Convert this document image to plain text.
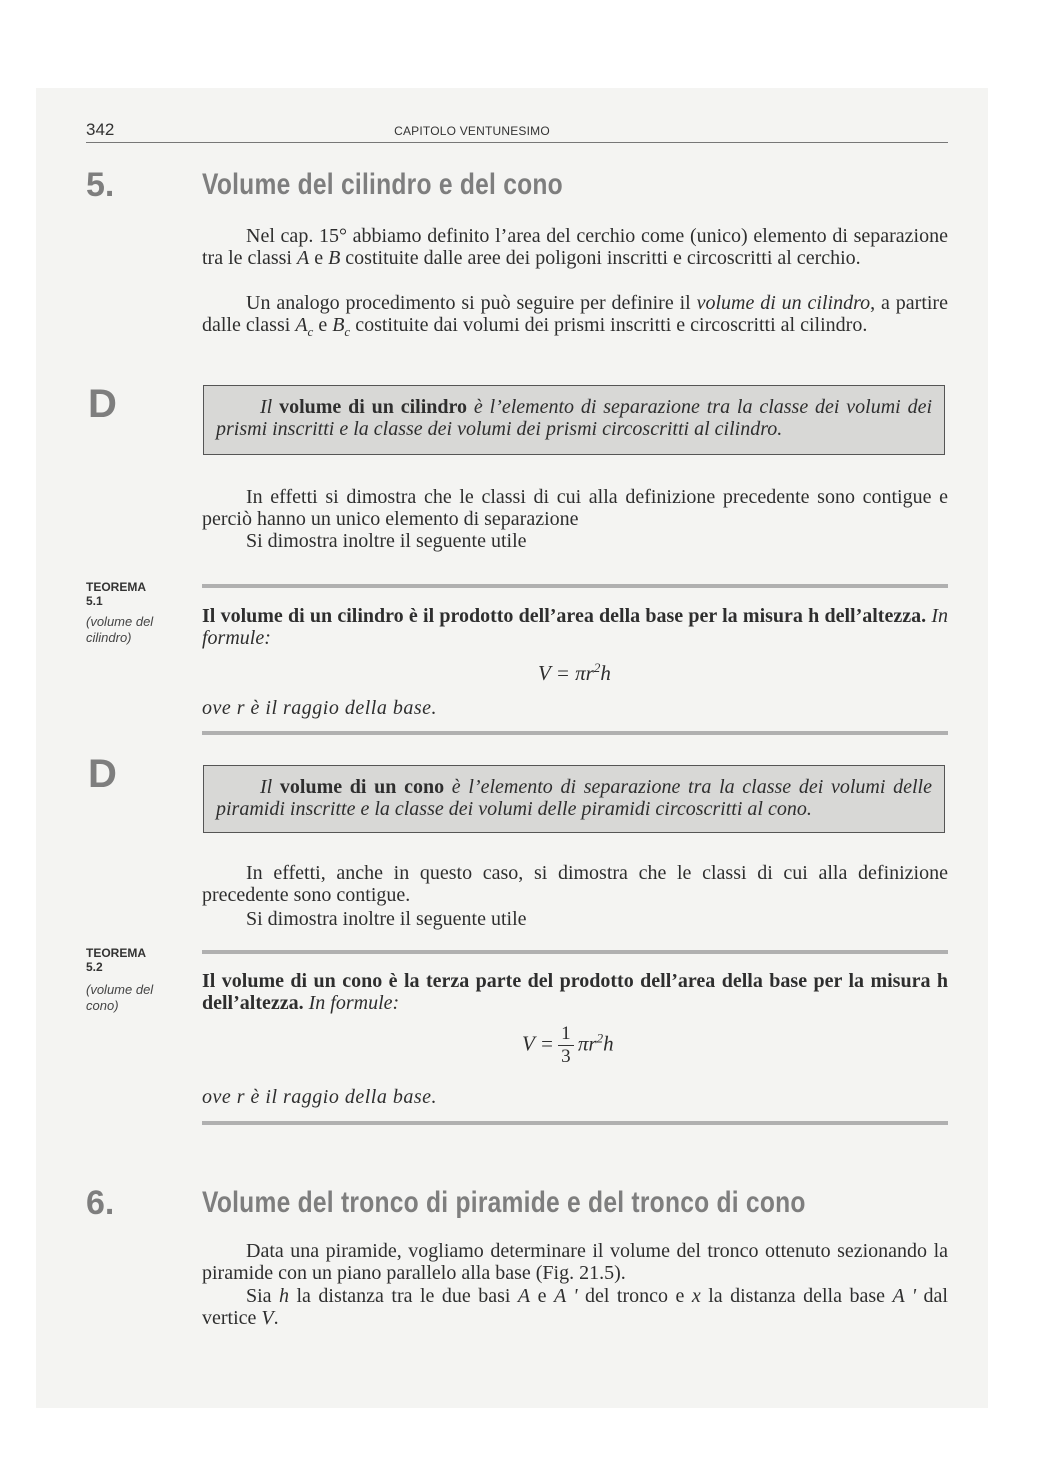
342	CAPITOLO VENTUNESIMO
5.	Volume del cilindro e del cono

Nel cap. 15° abbiamo definito l’area del cerchio come (unico) elemento di separazione tra le classi A e B costituite dalle aree dei poligoni inscritti e circoscritti al cerchio.

Un analogo procedimento si può seguire per definire il volume di un cilindro, a partire dalle classi $A_c$ e $B_c$ costituite dai volumi dei prismi inscritti e circoscritti al cilindro.

D	Il volume di un cilindro è l’elemento di separazione tra la classe dei volumi dei prismi inscritti e la classe dei volumi dei prismi circoscritti al cilindro.

In effetti si dimostra che le classi di cui alla definizione precedente sono contigue e perciò hanno un unico elemento di separazione

Si dimostra inoltre il seguente utile

TEOREMA
5.1
(volume del cilindro)

Il volume di un cilindro è il prodotto dell’area della base per la misura h dell’altezza. In formule:

$V = \pi r^2h$
ove r è il raggio della base.
D	Il volume di un cono è l’elemento di separazione tra la classe dei volumi delle piramidi inscritte e la classe dei volumi delle piramidi circoscritti al cono.

In effetti, anche in questo caso, si dimostra che le classi di cui alla definizione precedente sono contigue.

Si dimostra inoltre il seguente utile

TEOREMA
5.2
(volume del cono)

Il volume di un cono è la terza parte del prodotto dell’area della base per la misura h dell’altezza. In formule:

$V = \frac{1}{3} \pi r^2h$
ove r è il raggio della base.
6.	Volume del tronco di piramide e del tronco di cono

Data una piramide, vogliamo determinare il volume del tronco ottenuto sezionando la piramide con un piano parallelo alla base (Fig. 21.5).

Sia h la distanza tra le due basi A e A ' del tronco e x la distanza della base A ' dal vertice V.
